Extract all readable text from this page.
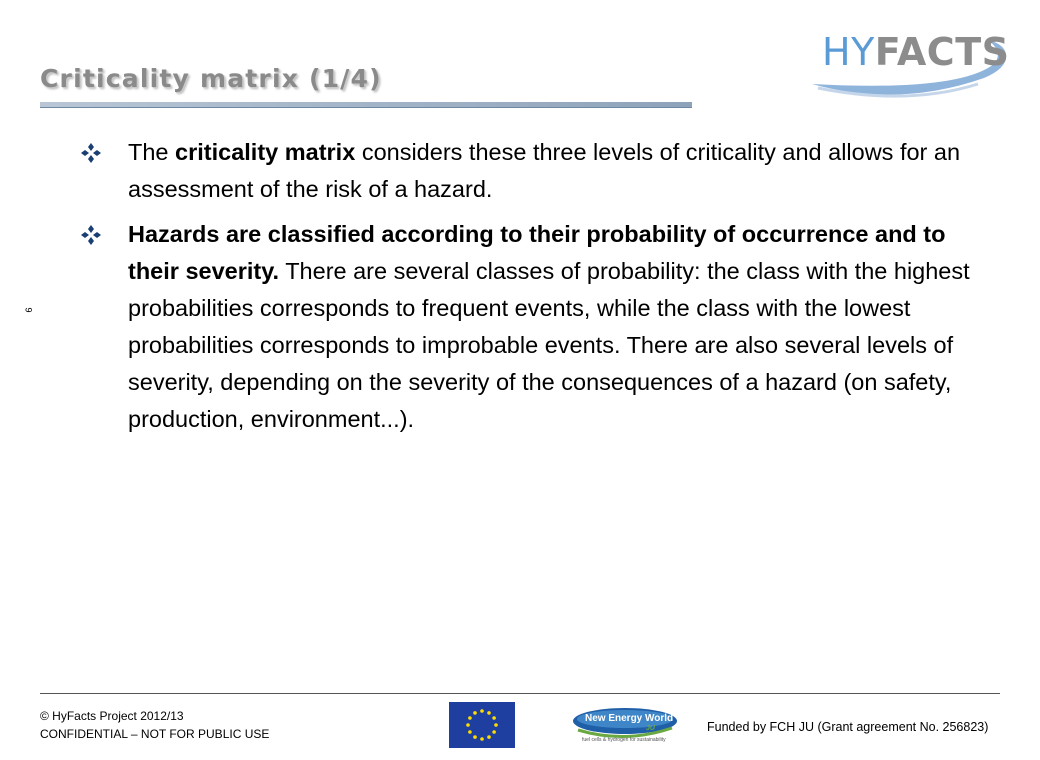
Criticality matrix (1/4)
HYFACTS
9
The criticality matrix considers these three levels of criticality and allows for an assessment of the risk of a hazard.
Hazards are classified according to their probability of occurrence and to their severity. There are several classes of probability: the class with the highest probabilities corresponds to frequent events, while the class with the lowest probabilities corresponds to improbable events. There are also several levels of severity, depending on the severity of the consequences of a hazard (on safety, production, environment...).
© HyFacts Project 2012/13
CONFIDENTIAL – NOT FOR PUBLIC USE
New Energy World
JU
fuel cells & hydrogen for sustainability
Funded by FCH JU (Grant agreement No. 256823)
